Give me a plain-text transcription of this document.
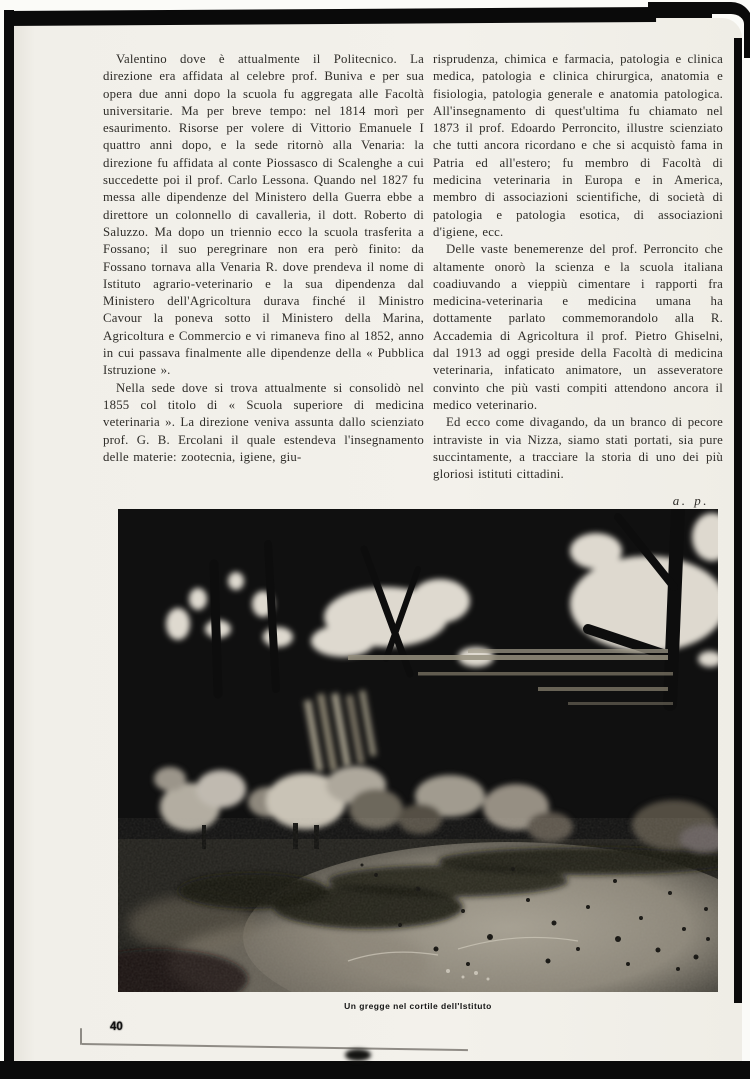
Valentino dove è attualmente il Politecnico. La direzione era affidata al celebre prof. Buniva e per sua opera due anni dopo la scuola fu aggregata alle Facoltà universitarie. Ma per breve tempo: nel 1814 morì per esaurimento. Risorse per volere di Vittorio Emanuele I quattro anni dopo, e la sede ritornò alla Venaria: la direzione fu affidata al conte Piossasco di Scalenghe a cui succedette poi il prof. Carlo Lessona. Quando nel 1827 fu messa alle dipendenze del Ministero della Guerra ebbe a direttore un colonnello di cavalleria, il dott. Roberto di Saluzzo. Ma dopo un triennio ecco la scuola trasferita a Fossano; il suo peregrinare non era però finito: da Fossano tornava alla Venaria R. dove prendeva il nome di Istituto agrario-veterinario e la sua dipendenza dal Ministero dell'Agricoltura durava finché il Ministro Cavour la poneva sotto il Ministero della Marina, Agricoltura e Commercio e vi rimaneva fino al 1852, anno in cui passava finalmente alle dipendenze della « Pubblica Istruzione ».

Nella sede dove si trova attualmente si consolidò nel 1855 col titolo di « Scuola superiore di medicina veterinaria ». La direzione veniva assunta dallo scienziato prof. G. B. Ercolani il quale estendeva l'insegnamento delle materie: zootecnia, igiene, giu-

risprudenza, chimica e farmacia, patologia e clinica medica, patologia e clinica chirurgica, anatomia e fisiologia, patologia generale e anatomia patologica. All'insegnamento di quest'ultima fu chiamato nel 1873 il prof. Edoardo Perroncito, illustre scienziato che tutti ancora ricordano e che si acquistò fama in Patria ed all'estero; fu membro di Facoltà di medicina veterinaria in Europa e in America, membro di associazioni scientifiche, di società di patologia e patologia esotica, di associazioni d'igiene, ecc.

Delle vaste benemerenze del prof. Perroncito che altamente onorò la scienza e la scuola italiana coadiuvando a vieppiù cimentare i rapporti fra medicina-veterinaria e medicina umana ha dottamente parlato commemorandolo alla R. Accademia di Agricoltura il prof. Pietro Ghiselni, dal 1913 ad oggi preside della Facoltà di medicina veterinaria, infaticato animatore, un asseveratore convinto che più vasti compiti attendono ancora il medico veterinario.

Ed ecco come divagando, da un branco di pecore intraviste in via Nizza, siamo stati portati, sia pure succintamente, a tracciare la storia di uno dei più gloriosi istituti cittadini.

a. p.
Un gregge nel cortile dell'Istituto
40
